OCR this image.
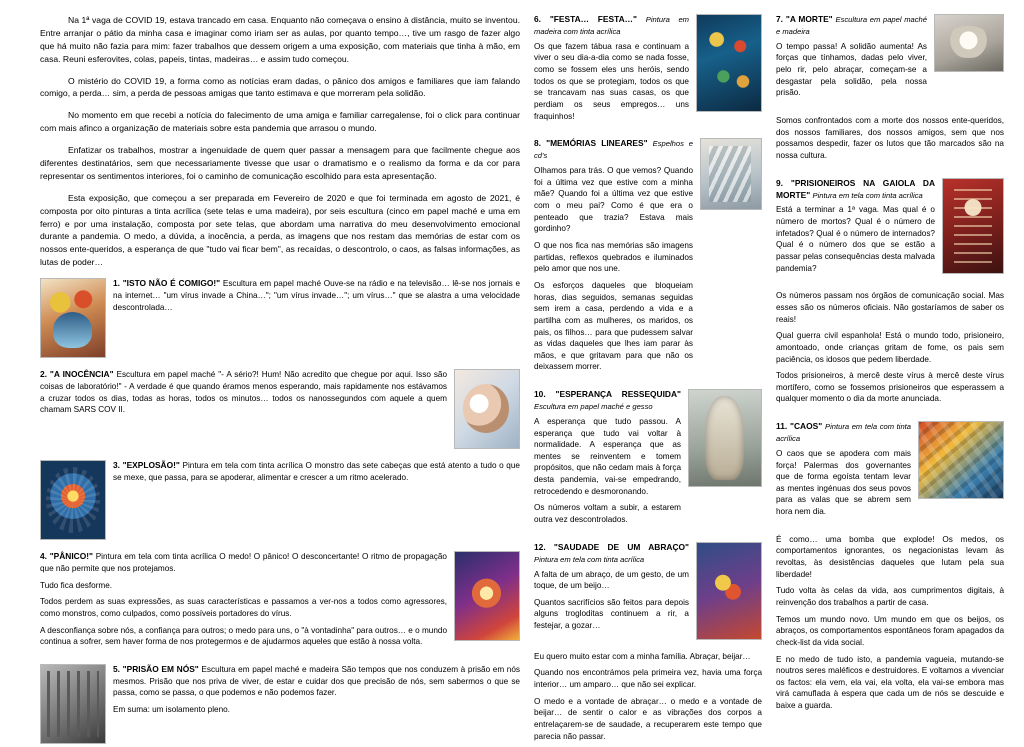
Na 1ª vaga de COVID 19, estava trancado em casa. Enquanto não começava o ensino à distância, muito se inventou. Entre arranjar o pátio da minha casa e imaginar como iriam ser as aulas, por quanto tempo…, tive um rasgo de fazer algo que há muito não fazia para mim: fazer trabalhos que dessem origem a uma exposição, com materiais que tinha à mão, em casa. Reuni esferovites, colas, papeis, tintas, madeiras… e assim tudo começou.

O mistério do COVID 19, a forma como as notícias eram dadas, o pânico dos amigos e familiares que iam falando comigo, a perda… sim, a perda de pessoas amigas que tanto estimava e que morreram pela solidão.

No momento em que recebi a notícia do falecimento de uma amiga e familiar carregalense, foi o click para continuar com mais afinco a organização de materiais sobre esta pandemia que arrasou o mundo.

Enfatizar os trabalhos, mostrar a ingenuidade de quem quer passar a mensagem para que facilmente chegue aos diferentes destinatários, sem que necessariamente tivesse que usar o dramatismo e o realismo da forma e da cor para representar os sentimentos interiores, foi o caminho de comunicação escolhido para esta apresentação.

Esta exposição, que começou a ser preparada em Fevereiro de 2020 e que foi terminada em agosto de 2021, é composta por oito pinturas a tinta acrílica (sete telas e uma madeira), por seis escultura (cinco em papel maché e uma em ferro) e por uma instalação, composta por sete telas, que abordam uma narrativa do meu desenvolvimento emocional durante a pandemia. O medo, a dúvida, a inocência, a perda, as imagens que nos restam das memórias de estar com os nossos ente-queridos, a esperança de que "tudo vai ficar bem", as recaídas, o descontrolo, o caos, as falsas informações, as lutas de poder…

1. "ISTO NÃO É COMIGO!" Escultura em papel maché Ouve-se na rádio e na televisão… lê-se nos jornais e na internet… "um vírus invade a China…"; "um vírus invade…"; um vírus…" que se alastra a uma velocidade descontrolada…

2. "A INOCÊNCIA" Escultura em papel maché "- A sério?! Hum! Não acredito que chegue por aqui. Isso são coisas de laboratório!" - A verdade é que quando éramos menos esperando, mais rapidamente nos estávamos a cruzar todos os dias, todas as horas, todos os minutos… todos os nanossegundos com aquele a quem chamam SARS COV II.

3. "EXPLOSÃO!" Pintura em tela com tinta acrílica O monstro das sete cabeças que está atento a tudo o que se mexe, que passa, para se apoderar, alimentar e crescer a um ritmo acelerado.

4. "PÂNICO!" Pintura em tela com tinta acrílica O medo! O pânico! O desconcertante! O ritmo de propagação que não permite que nos protejamos.

Tudo fica desforme.

Todos perdem as suas expressões, as suas características e passamos a ver-nos a todos como agressores, como monstros, como culpados, como possíveis portadores do vírus.

A desconfiança sobre nós, a confiança para outros; o medo para uns, o "à vontadinha" para outros… e o mundo continua a sofrer, sem haver forma de nos protegermos e de ajudarmos aqueles que estão à nossa volta.

5. "PRISÃO EM NÓS" Escultura em papel maché e madeira São tempos que nos conduzem à prisão em nós mesmos. Prisão que nos priva de viver, de estar e cuidar dos que precisão de nós, sem sabermos o que se passa, como se passa, o que podemos e não podemos fazer.

Em suma: um isolamento pleno.

6. "FESTA… FESTA…" Pintura em madeira com tinta acrílica

Os que fazem tábua rasa e continuam a viver o seu dia-a-dia como se nada fosse, como se fossem eles uns heróis, sendo todos os que se protegiam, todos os que se trancavam nas suas casas, os que perdiam os seus empregos… uns fraquinhos!

8. "MEMÓRIAS LINEARES" Espelhos e cd's

Olhamos para trás. O que vemos? Quando foi a última vez que estive com a minha mãe? Quando foi a última vez que estive com o meu pai? Como é que era o penteado que trazia? Estava mais gordinho?

O que nos fica nas memórias são imagens partidas, reflexos quebrados e iluminados pelo amor que nos une.

Os esforços daqueles que bloqueiam horas, dias seguidos, semanas seguidas sem irem a casa, perdendo a vida e a partilha com as mulheres, os maridos, os pais, os filhos… para que pudessem salvar as vidas daqueles que lhes iam parar às mãos, e que gritavam para que não os deixassem morrer.

10. "ESPERANÇA RESSEQUIDA" Escultura em papel maché e gesso

A esperança que tudo passou. A esperança que tudo vai voltar à normalidade. A esperança que as mentes se reinventem e tomem propósitos, que não cedam mais à força desta pandemia, vai-se empedrando, retrocedendo e desmoronando.

Os números voltam a subir, a estarem outra vez descontrolados.

12. "SAUDADE DE UM ABRAÇO" Pintura em tela com tinta acrílica

A falta de um abraço, de um gesto, de um toque, de um beijo…

Quantos sacrifícios são feitos para depois alguns trogloditas continuem a rir, a festejar, a gozar…

Eu quero muito estar com a minha família. Abraçar, beijar…

Quando nos encontrámos pela primeira vez, havia uma força interior… um amparo… que não sei explicar.

O medo e a vontade de abraçar… o medo e a vontade de beijar… de sentir o calor e as vibrações dos corpos a entrelaçarem-se de saudade, a recuperarem este tempo que parecia não passar.

7. "A MORTE" Escultura em papel maché e madeira

O tempo passa! A solidão aumenta! As forças que tínhamos, dadas pelo viver, pelo rir, pelo abraçar, começam-se a desgastar pela solidão, pela nossa prisão.

Somos confrontados com a morte dos nossos ente-queridos, dos nossos familiares, dos nossos amigos, sem que nos possamos despedir, fazer os lutos que tão marcados são na nossa cultura.

9. "PRISIONEIROS NA GAIOLA DA MORTE" Pintura em tela com tinta acrílica

Está a terminar a 1ª vaga. Mas qual é o número de mortos? Qual é o número de infetados? Qual é o número de internados? Qual é o número dos que se estão a passar pelas consequências desta malvada pandemia?

Os números passam nos órgãos de comunicação social. Mas esses são os números oficiais. Não gostaríamos de saber os reais!

Qual guerra civil espanhola! Está o mundo todo, prisioneiro, amontoado, onde crianças gritam de fome, os pais sem paciência, os idosos que pedem liberdade.

Todos prisioneiros, à mercê deste vírus à mercê deste vírus mortífero, como se fossemos prisioneiros que esperassem a qualquer momento o dia da morte anunciada.

11. "CAOS" Pintura em tela com tinta acrílica

O caos que se apodera com mais força! Palermas dos governantes que de forma egoísta tentam levar as mentes ingénuas dos seus povos para as valas que se abrem sem hora nem dia.

É como… uma bomba que explode! Os medos, os comportamentos ignorantes, os negacionistas levam às revoltas, às desistências daqueles que lutam pela sua liberdade!

Tudo volta às celas da vida, aos cumprimentos digitais, à reinvenção dos trabalhos a partir de casa.

Temos um mundo novo. Um mundo em que os beijos, os abraços, os comportamentos espontâneos foram apagados da check-list da vida social.

E no medo de tudo isto, a pandemia vagueia, mutando-se noutros seres maléficos e destruidores. E voltamos a vivenciar os factos: ela vem, ela vai, ela volta, ela vai-se embora mas virá camuflada à espera que cada um de nós se descuide e baixe a guarda.
